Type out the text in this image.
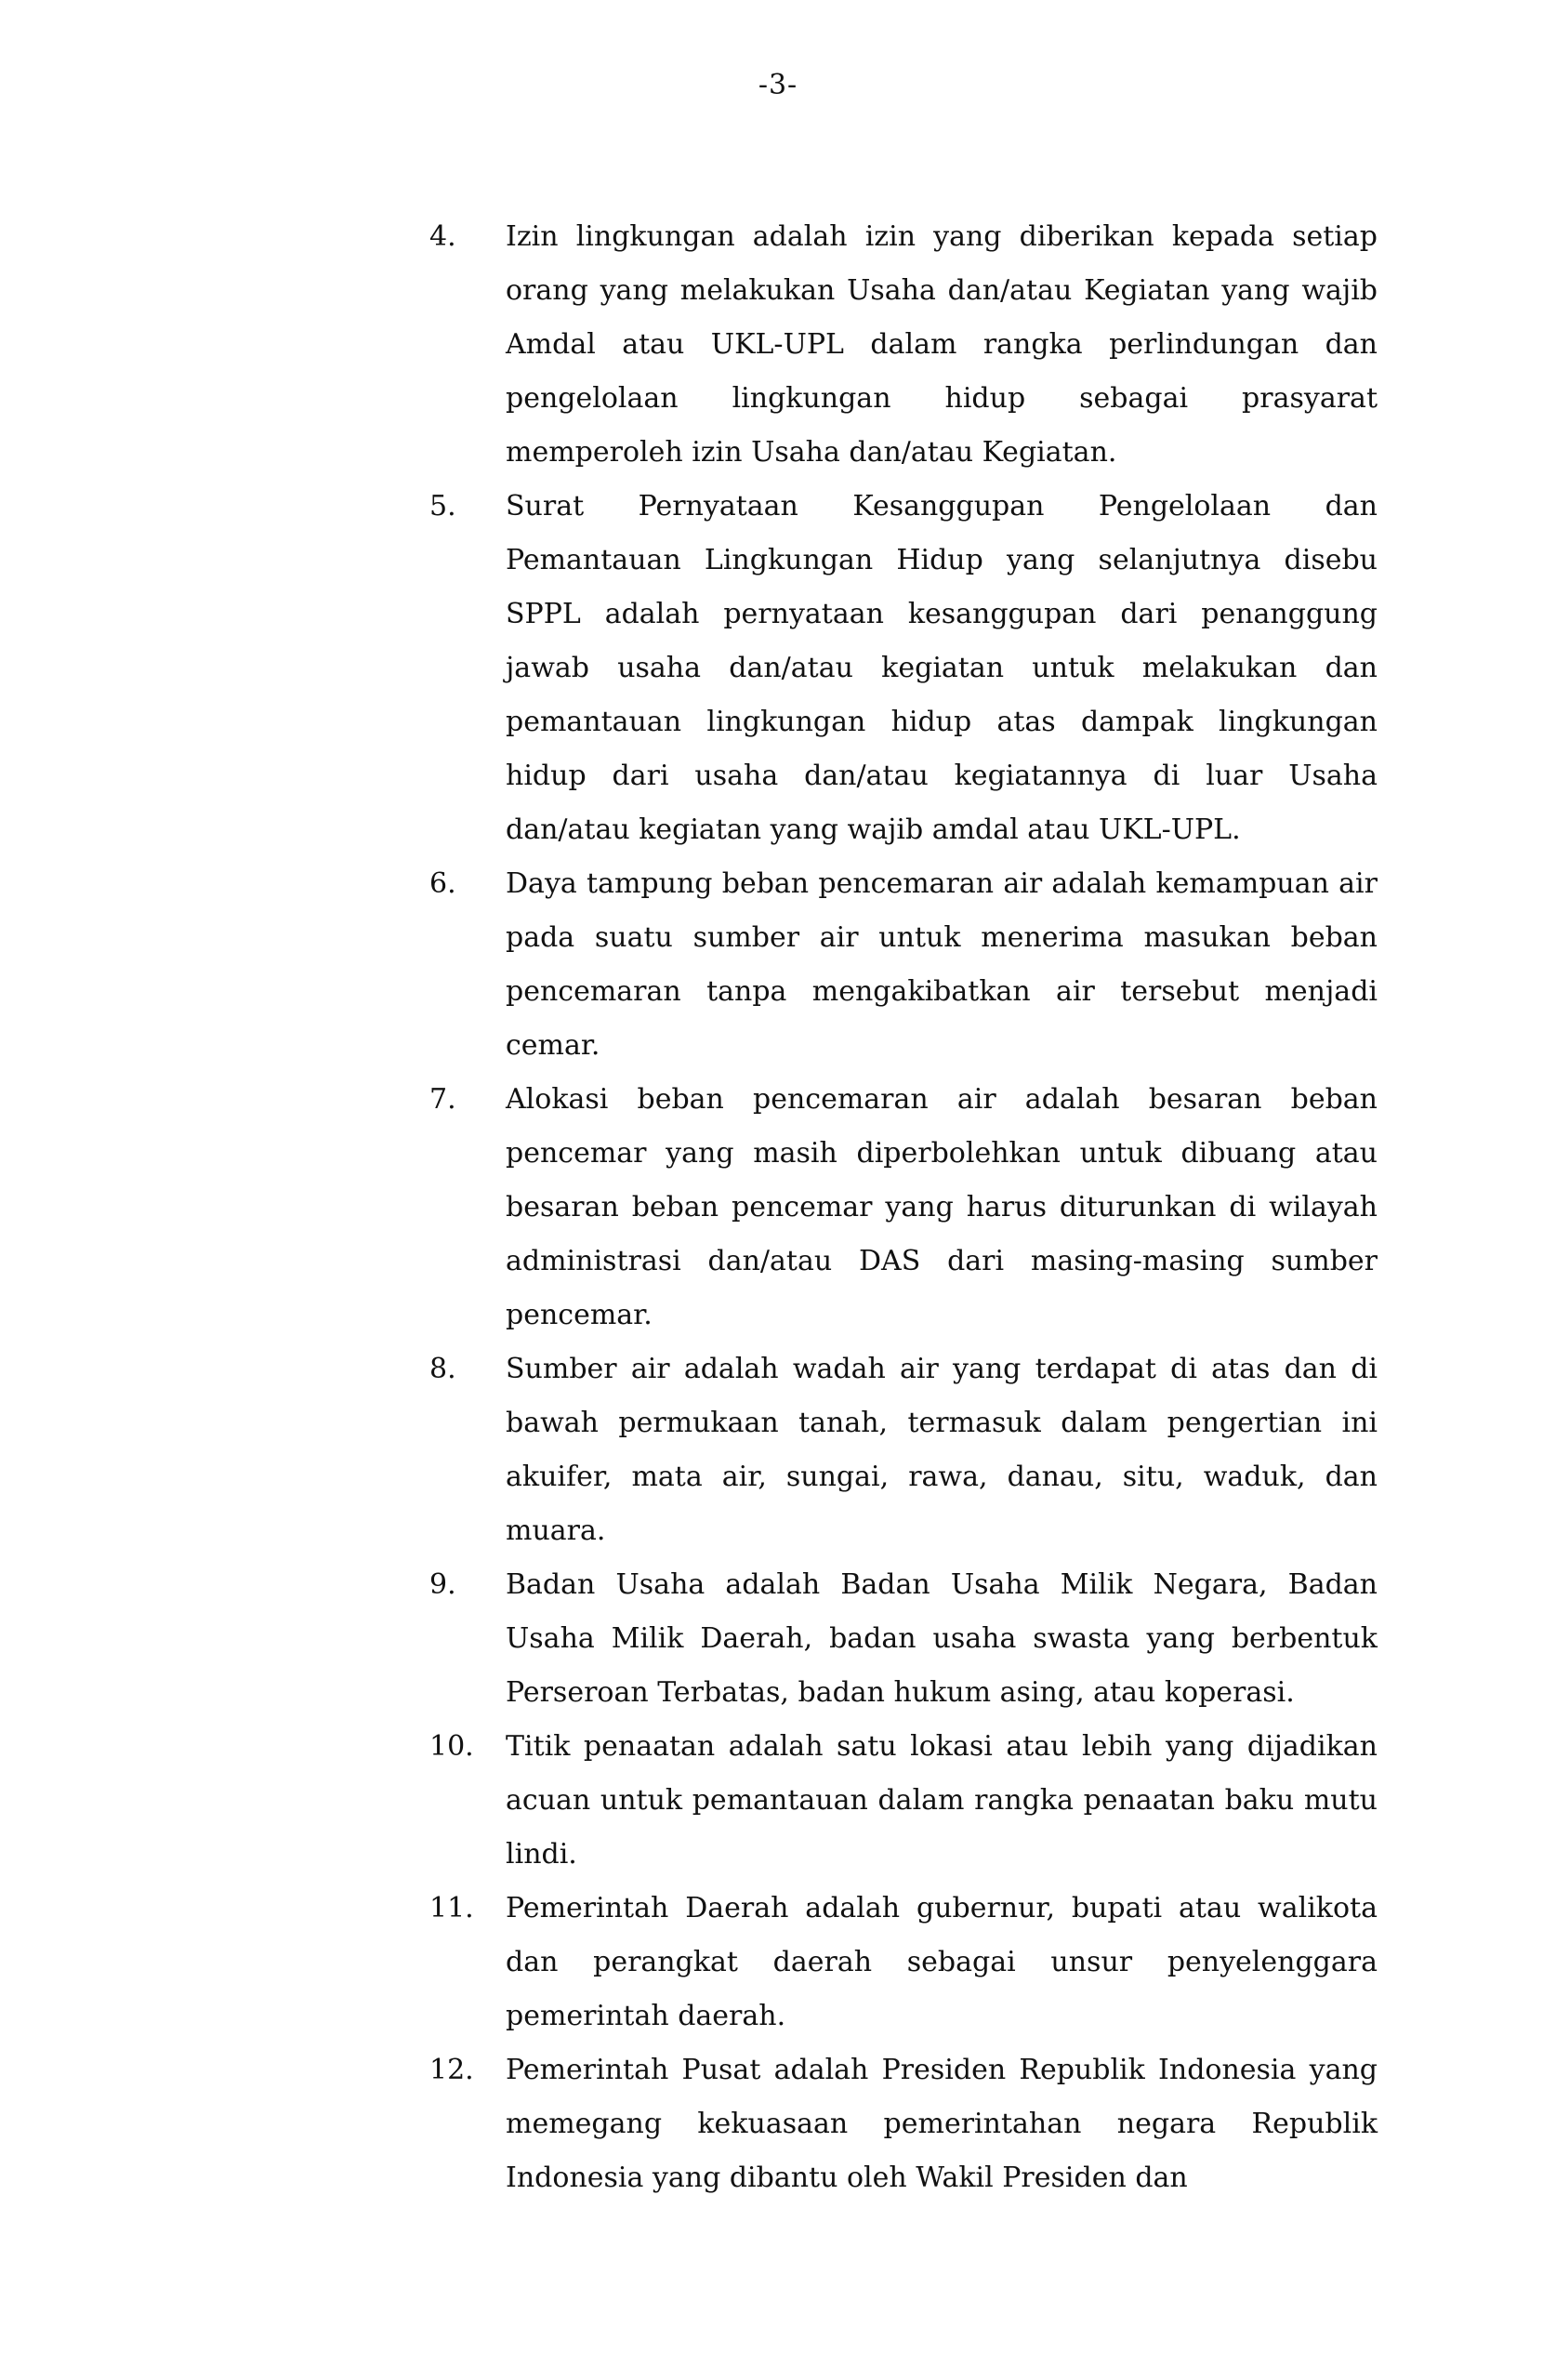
-3-
4.	Izin lingkungan adalah izin yang diberikan kepada setiap orang yang melakukan Usaha dan/atau Kegiatan yang wajib Amdal atau UKL-UPL dalam rangka perlindungan dan pengelolaan lingkungan hidup sebagai prasyarat memperoleh izin Usaha dan/atau Kegiatan.
5.	Surat Pernyataan Kesanggupan Pengelolaan dan Pemantauan Lingkungan Hidup yang selanjutnya disebu SPPL adalah pernyataan kesanggupan dari penanggung jawab usaha dan/atau kegiatan untuk melakukan dan pemantauan lingkungan hidup atas dampak lingkungan hidup dari usaha dan/atau kegiatannya di luar Usaha dan/atau kegiatan yang wajib amdal atau UKL-UPL.
6.	Daya tampung beban pencemaran air adalah kemampuan air pada suatu sumber air untuk menerima masukan beban pencemaran tanpa mengakibatkan air tersebut menjadi cemar.
7.	Alokasi beban pencemaran air adalah besaran beban pencemar yang masih diperbolehkan untuk dibuang atau besaran beban pencemar yang harus diturunkan di wilayah administrasi dan/atau DAS dari masing-masing sumber pencemar.
8.	Sumber air adalah wadah air yang terdapat di atas dan di bawah permukaan tanah, termasuk dalam pengertian ini akuifer, mata air, sungai, rawa, danau, situ, waduk, dan muara.
9.	Badan Usaha adalah Badan Usaha Milik Negara, Badan Usaha Milik Daerah, badan usaha swasta yang berbentuk Perseroan Terbatas, badan hukum asing, atau koperasi.
10.	Titik penaatan adalah satu lokasi atau lebih yang dijadikan acuan untuk pemantauan dalam rangka penaatan baku mutu lindi.
11.	Pemerintah Daerah adalah gubernur, bupati atau walikota dan perangkat daerah sebagai unsur penyelenggara pemerintah daerah.
12.	Pemerintah Pusat adalah Presiden Republik Indonesia yang memegang kekuasaan pemerintahan negara Republik Indonesia yang dibantu oleh Wakil Presiden dan
